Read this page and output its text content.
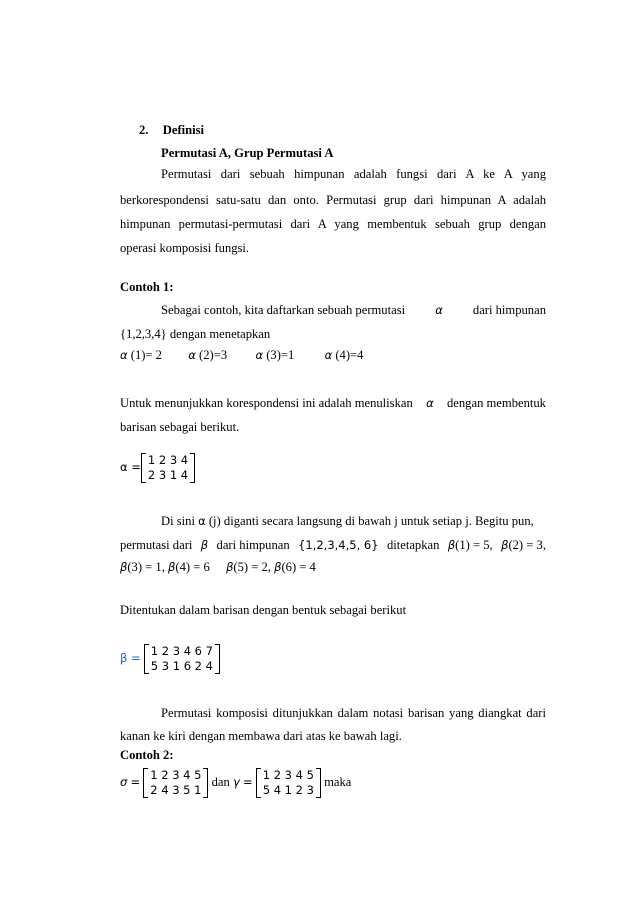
2. Definisi
Permutasi A, Grup Permutasi A
Permutasi dari sebuah himpunan adalah fungsi dari A ke A yang
berkorespondensi satu-satu dan onto. Permutasi grup dari himpunan A adalah
himpunan permutasi-permutasi dari A yang membentuk sebuah grup dengan
operasi komposisi fungsi.
Contoh 1:
Sebagai contoh, kita daftarkan sebuah permutasi	α dari himpunan
{1,2,3,4} dengan menetapkan
α (1)= 2 α (2)=3 α (3)=1	α (4)=4
Untuk menunjukkan korespondensi ini adalah menuliskan α dengan membentuk
barisan sebagai berikut.
α = 1 2 3 4
2 3 1 4
Di sini α (j) diganti secara langsung di bawah j untuk setiap j. Begitu pun,
permutasi dari β dari himpunan {1,2,3,4,5, 6} ditetapkan β(1) = 5, β(2) = 3,
β(3) = 1, β(4) = 6 β(5) = 2, β(6) = 4
Ditentukan dalam barisan dengan bentuk sebagai berikut
β = 1 2 3 4 6 7
5 3 1 6 2 4
Permutasi komposisi ditunjukkan dalam notasi barisan yang diangkat dari
kanan ke kiri dengan membawa dari atas ke bawah lagi.
Contoh 2:
σ = 1 2 3 4 5
2 4 3 5 1
dan γ = 1 2 3 4 5
5 4 1 2 3
maka
